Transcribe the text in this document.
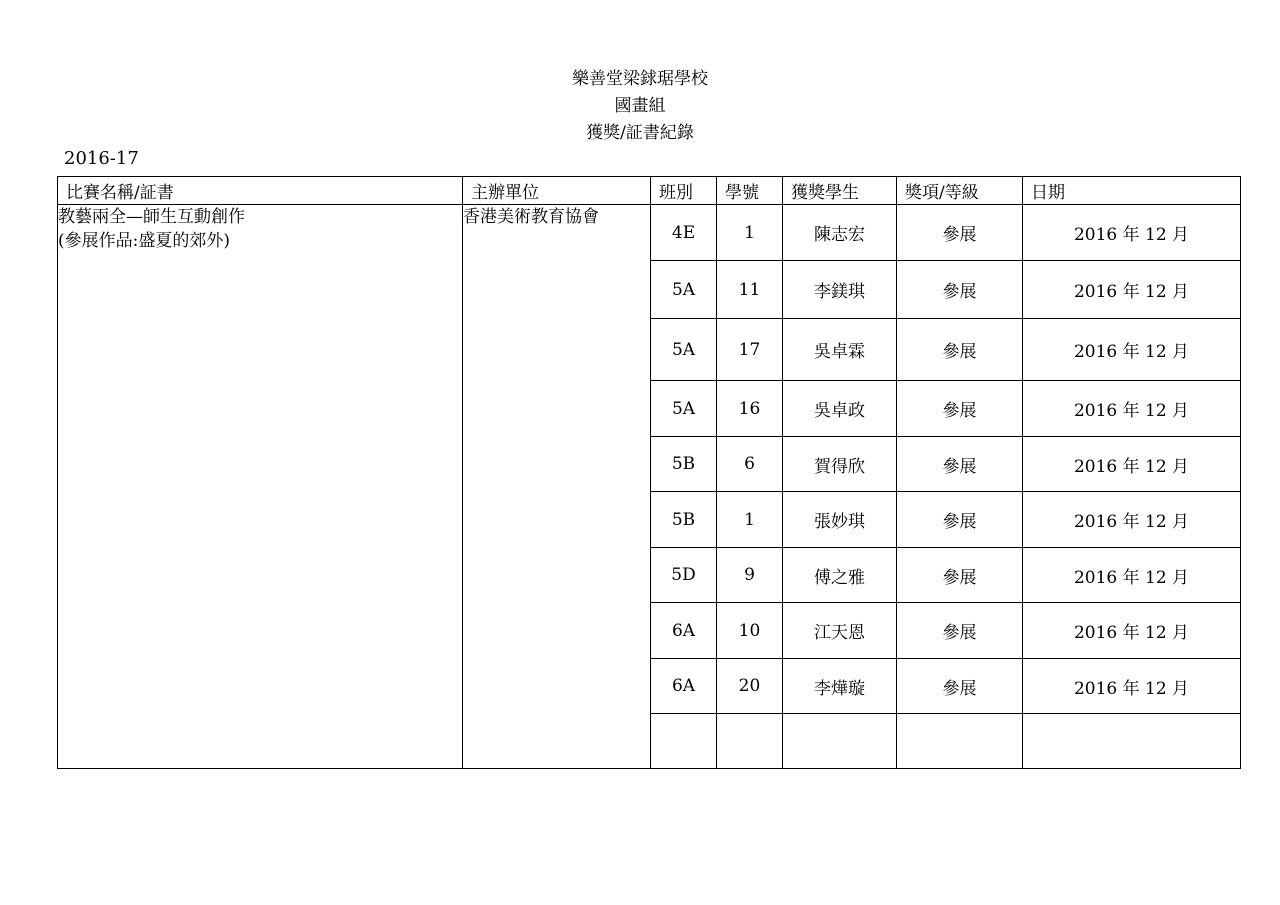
樂善堂梁銶琚學校
國畫組
獲獎/証書紀錄
2016-17
比賽名稱/証書	主辦單位	班別	學號	獲獎學生	獎項/等級	日期

教藝兩全—師生互動創作
(參展作品:盛夏的郊外)	香港美術教育協會	4E	1	陳志宏	參展	2016 年 12 月
		5A	11	李鎂琪	參展	2016 年 12 月
		5A	17	吳卓霖	參展	2016 年 12 月
		5A	16	吳卓政	參展	2016 年 12 月
		5B	6	賀得欣	參展	2016 年 12 月
		5B	1	張妙琪	參展	2016 年 12 月
		5D	9	傅之雅	參展	2016 年 12 月
		6A	10	江天恩	參展	2016 年 12 月
		6A	20	李燁璇	參展	2016 年 12 月
